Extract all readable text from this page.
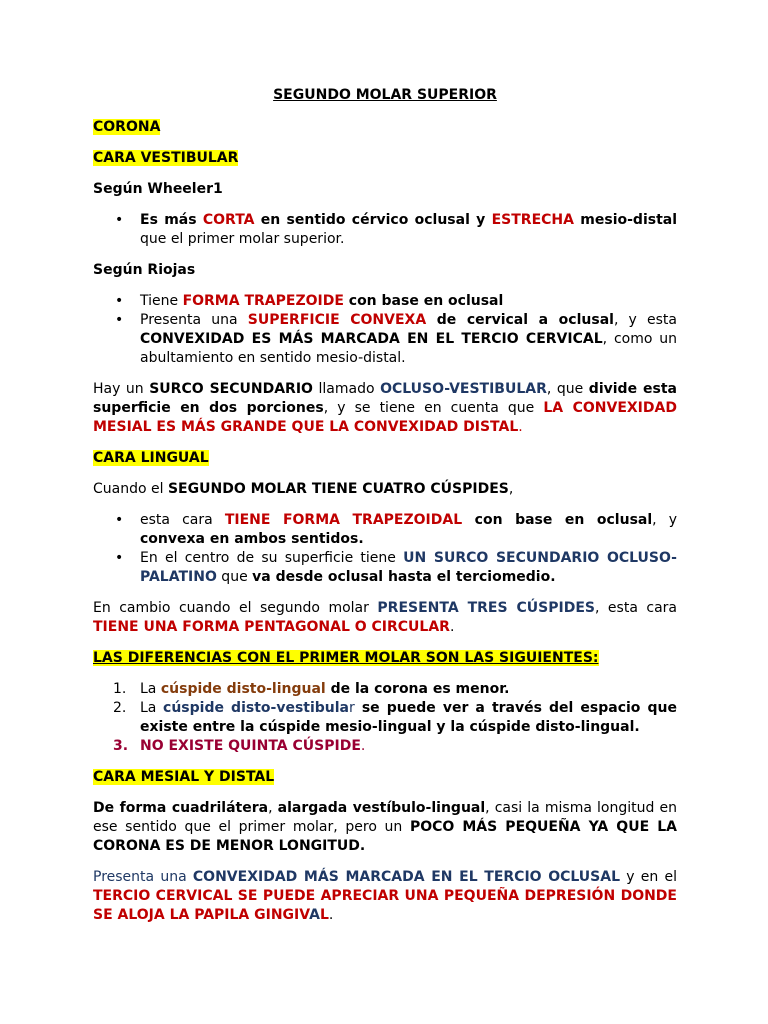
SEGUNDO MOLAR SUPERIOR

CORONA

CARA VESTIBULAR

Según Wheeler1

• Es más CORTA en sentido cérvico oclusal y ESTRECHA mesio-distal que el primer molar superior.

Según Riojas

• Tiene FORMA TRAPEZOIDE con base en oclusal
• Presenta una SUPERFICIE CONVEXA de cervical a oclusal, y esta CONVEXIDAD ES MÁS MARCADA EN EL TERCIO CERVICAL, como un abultamiento en sentido mesio-distal.

Hay un SURCO SECUNDARIO llamado OCLUSO-VESTIBULAR, que divide esta superficie en dos porciones, y se tiene en cuenta que LA CONVEXIDAD MESIAL ES MÁS GRANDE QUE LA CONVEXIDAD DISTAL.

CARA LINGUAL

Cuando el SEGUNDO MOLAR TIENE CUATRO CÚSPIDES,

• esta cara TIENE FORMA TRAPEZOIDAL con base en oclusal, y convexa en ambos sentidos.
• En el centro de su superficie tiene UN SURCO SECUNDARIO OCLUSO-PALATINO que va desde oclusal hasta el terciomedio.

En cambio cuando el segundo molar PRESENTA TRES CÚSPIDES, esta cara TIENE UNA FORMA PENTAGONAL O CIRCULAR.

LAS DIFERENCIAS CON EL PRIMER MOLAR SON LAS SIGUIENTES:

1. La cúspide disto-lingual de la corona es menor.
2. La cúspide disto-vestibular se puede ver a través del espacio que existe entre la cúspide mesio-lingual y la cúspide disto-lingual.
3. NO EXISTE QUINTA CÚSPIDE.

CARA MESIAL Y DISTAL

De forma cuadrilátera, alargada vestíbulo-lingual, casi la misma longitud en ese sentido que el primer molar, pero un POCO MÁS PEQUEÑA YA QUE LA CORONA ES DE MENOR LONGITUD.

Presenta una CONVEXIDAD MÁS MARCADA EN EL TERCIO OCLUSAL y en el TERCIO CERVICAL SE PUEDE APRECIAR UNA PEQUEÑA DEPRESIÓN DONDE SE ALOJA LA PAPILA GINGIVAL.
